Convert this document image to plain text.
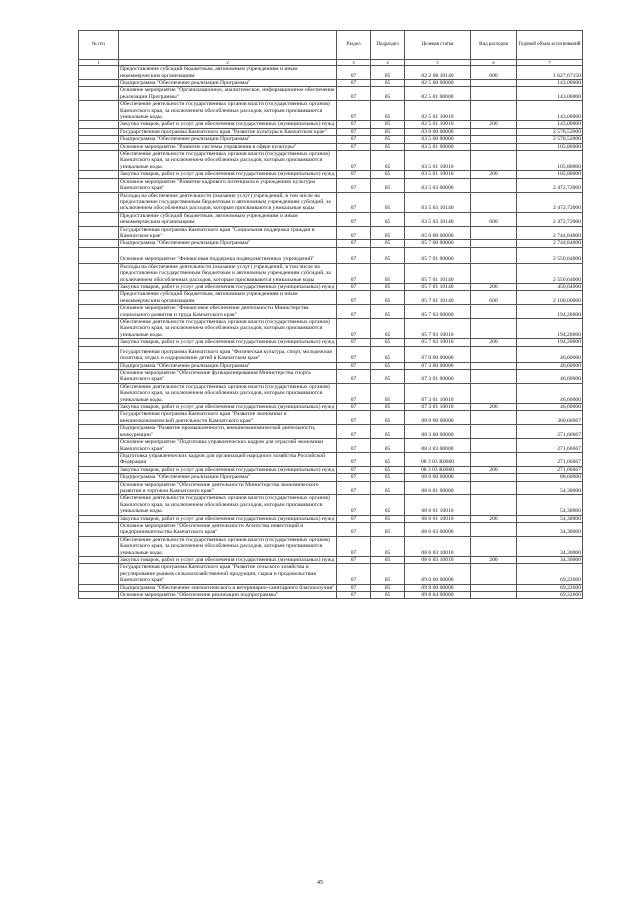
№ п/п		Раздел	Подраздел	Целевая статья	Вид расходов	Годовой объем ассигнований
1	2	3	4	5	6	7
	Предоставление субсидий бюджетным, автономным учреждениям и иным некоммерческим организациям	07	05	02 2 08 10140	600	1 627,67150
	Подпрограмма "Обеспечение реализации Программы"	07	05	02 5 00 00000		143,00000
	Основное мероприятие "Организационное, аналитическое, информационное обеспечение реализации Программы"	07	05	02 5 01 00000		143,00000
	Обеспечение деятельности государственных органов власти (государственных органов) Камчатского края, за исключением обособленных расходов, которым присваиваются уникальные коды.	07	05	02 5 01 10010		143,00000
	Закупка товаров, работ и услуг для обеспечения государственных (муниципальных) нужд	07	05	02 5 01 10010	200	143,00000
	Государственная программа Камчатского края "Развитие культуры в Камчатском крае"	07	05	03 0 00 00000		2 578,52000
	Подпрограмма "Обеспечение реализации Программы"	07	05	03 5 00 00000		2 578,52000
	Основное мероприятие "Развитие системы управления в сфере культуры"	07	05	03 5 01 00000		105,80000
	Обеспечение деятельности государственных органов власти (государственных органов) Камчатского края, за исключением обособленных расходов, которым присваиваются уникальные коды.	07	05	03 5 01 10010		105,80000
	Закупка товаров, работ и услуг для обеспечения государственных (муниципальных) нужд	07	05	03 5 01 10010	200	105,80000
	Основное мероприятие "Развитие кадрового потенциала в учреждениях культуры Камчатского края"	07	05	03 5 03 00000		2 472,72000
	Расходы на обеспечение деятельности (оказание услуг) учреждений, в том числе на предоставление государственным бюджетным и автономным учреждениям субсидий, за исключением обособленных расходов, которым присваиваются уникальные коды	07	05	03 5 03 10140		2 472,72000
	Предоставление субсидий бюджетным, автономным учреждениям и иным некоммерческим организациям	07	05	03 5 03 10140	600	2 472,72000
	Государственная программа Камчатского края "Социальная поддержка граждан в Камчатском крае"	07	05	05 0 00 00000		2 744,84000
	Подпрограмма "Обеспечение реализации Программы"	07	05	05 7 00 00000		2 744,84000
	Основное мероприятие "Финансовая поддержка подведомственных учреждений"	07	05	05 7 01 00000		2 550,64000
	Расходы на обеспечение деятельности (оказание услуг) учреждений, в том числе на предоставление государственным бюджетным и автономным учреждениям субсидий, за исключением обособленных расходов, которым присваиваются уникальные коды	07	05	05 7 01 10140		2 550,64000
	Закупка товаров, работ и услуг для обеспечения государственных (муниципальных) нужд	07	05	05 7 01 10140	200	450,64000
	Предоставление субсидий бюджетным, автономным учреждениям и иным некоммерческим организациям	07	05	05 7 01 10140	600	2 100,00000
	Основное мероприятие "Финансовое обеспечение деятельности Министерства социального развития и труда Камчатского края"	07	05	05 7 03 00000		194,20000
	Обеспечение деятельности государственных органов власти (государственных органов) Камчатского края, за исключением обособленных расходов, которым присваиваются уникальные коды.	07	05	05 7 03 10010		194,20000
	Закупка товаров, работ и услуг для обеспечения государственных (муниципальных) нужд	07	05	05 7 03 10010	200	194,20000
	Государственная программа Камчатского края "Физическая культура, спорт, молодежная политика, отдых и оздоровление детей в Камчатском крае"	07	05	07 0 00 00000		46,60000
	Подпрограмма "Обеспечение реализации Программы"	07	05	07 3 00 00000		46,60000
	Основное мероприятие "Обеспечение функционирования Министерства спорта Камчатского края"	07	05	07 3 01 00000		46,60000
	Обеспечение деятельности государственных органов власти (государственных органов) Камчатского края, за исключением обособленных расходов, которым присваиваются уникальные коды.	07	05	07 3 01 10010		46,60000
	Закупка товаров, работ и услуг для обеспечения государственных (муниципальных) нужд	07	05	07 3 01 10010	200	46,60000
	Государственная программа Камчатского края "Развитие экономики и внешнеэкономической деятельности Камчатского края"	07	05	08 0 00 00000		360,66667
	Подпрограмма "Развитие промышленности, внешнеэкономической деятельности, конкуренции"	07	05	08 3 00 00000		271,66667
	Основное мероприятие "Подготовка управленческих кадров для отраслей экономики Камчатского края"	07	05	08 3 03 00000		271,66667
	Подготовка управленческих кадров для организаций народного хозяйства Российской Федерации	07	05	08 3 03 R0660		271,66667
	Закупка товаров, работ и услуг для обеспечения государственных (муниципальных) нужд	07	05	08 3 03 R0660	200	271,66667
	Подпрограмма "Обеспечение реализации Программы"	07	05	08 6 00 00000		88,60000
	Основное мероприятие "Обеспечение деятельности Министерства экономического развития и торговли Камчатского края"	07	05	08 6 01 00000		54,30000
	Обеспечение деятельности государственных органов власти (государственных органов) Камчатского края, за исключением обособленных расходов, которым присваиваются уникальные коды.	07	05	08 6 01 10010		54,30000
	Закупка товаров, работ и услуг для обеспечения государственных (муниципальных) нужд	07	05	08 6 01 10010	200	54,30000
	Основное мероприятие "Обеспечение деятельности Агентства инвестиций и предпринимательства Камчатского края"	07	05	08 6 03 00000		34,30000
	Обеспечение деятельности государственных органов власти (государственных органов) Камчатского края, за исключением обособленных расходов, которым присваиваются уникальные коды.	07	05	08 6 03 10010		34,30000
	Закупка товаров, работ и услуг для обеспечения государственных (муниципальных) нужд	07	05	08 6 03 10010	200	34,30000
	Государственная программа Камчатского края "Развитие сельского хозяйства и регулирование рынков сельскохозяйственной продукции, сырья и продовольствия Камчатского края"	07	05	09 0 00 00000		69,22600
	Подпрограмма "Обеспечение эпизоотического и ветеринарно-санитарного благополучия"	07	05	09 8 00 00000		69,22600
	Основное мероприятие "Обеспечение реализации подпрограммы"	07	05	09 8 04 00000		69,22600
45
